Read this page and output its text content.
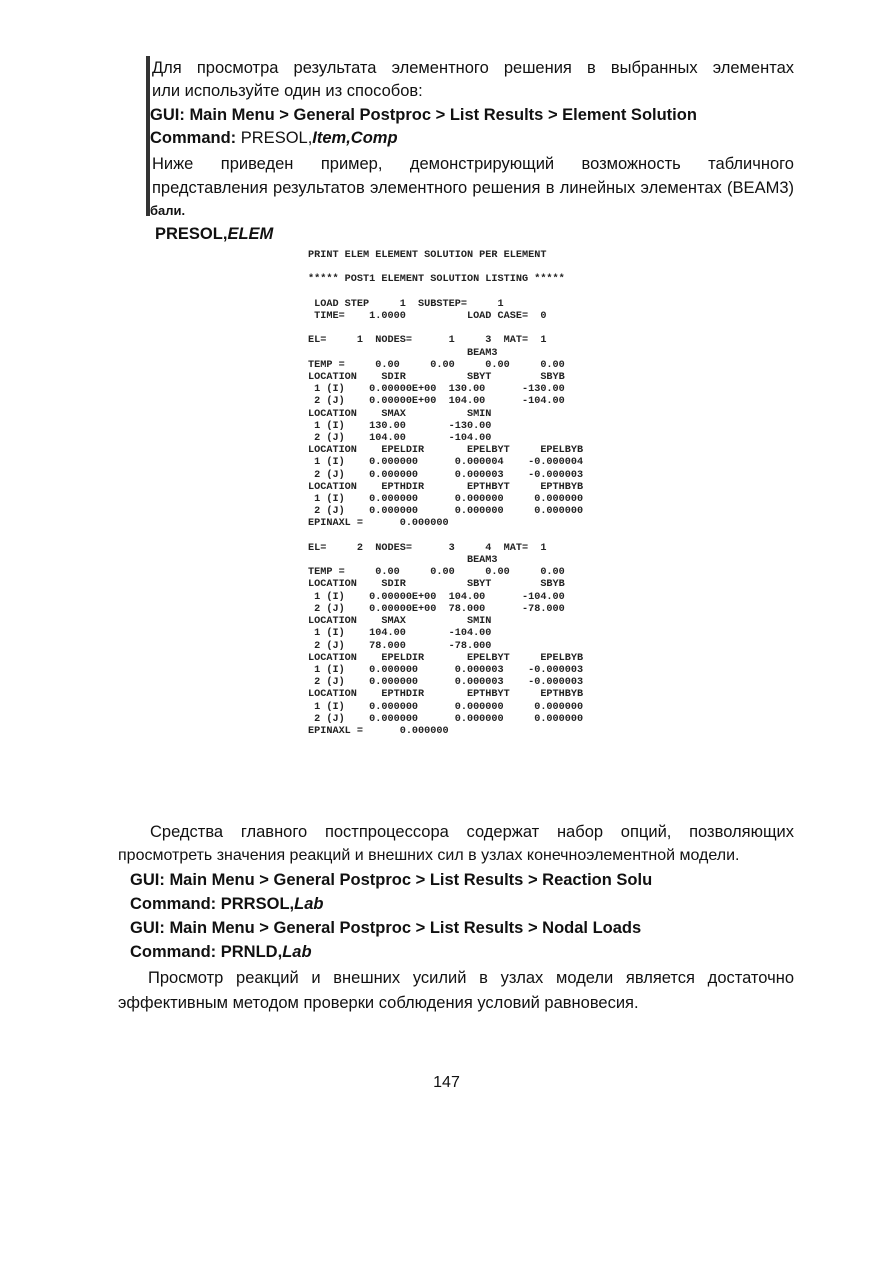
Для просмотра результата элементного решения в выбранных элементах
или используйте один из способов:
GUI: Main Menu > General Postproc > List Results > Element Solution
Command: PRESOL,Item,Comp
Ниже приведен пример, демонстрирующий возможность табличного
представления результатов элементного решения в линейных элементах (BEAM3)
бали.
PRESOL,ELEM
PRINT ELEM ELEMENT SOLUTION PER ELEMENT

***** POST1 ELEMENT SOLUTION LISTING *****

LOAD STEP     1  SUBSTEP=     1
TIME=    1.0000          LOAD CASE=  0

EL=     1  NODES=      1     3  MAT=  1
BEAM3
TEMP =     0.00     0.00     0.00     0.00
LOCATION    SDIR          SBYT        SBYB
1 (I)    0.00000E+00  130.00      -130.00
2 (J)    0.00000E+00  104.00      -104.00
LOCATION    SMAX          SMIN
1 (I)    130.00       -130.00
2 (J)    104.00       -104.00
LOCATION    EPELDIR       EPELBYT     EPELBYB
1 (I)    0.000000      0.000004    -0.000004
2 (J)    0.000000      0.000003    -0.000003
LOCATION    EPTHDIR       EPTHBYT     EPTHBYB
1 (I)    0.000000      0.000000     0.000000
2 (J)    0.000000      0.000000     0.000000
EPINAXL =      0.000000

EL=     2  NODES=      3     4  MAT=  1
BEAM3
TEMP =     0.00     0.00     0.00     0.00
LOCATION    SDIR          SBYT        SBYB
1 (I)    0.00000E+00  104.00      -104.00
2 (J)    0.00000E+00  78.000      -78.000
LOCATION    SMAX          SMIN
1 (I)    104.00       -104.00
2 (J)    78.000       -78.000
LOCATION    EPELDIR       EPELBYT     EPELBYB
1 (I)    0.000000      0.000003    -0.000003
2 (J)    0.000000      0.000003    -0.000003
LOCATION    EPTHDIR       EPTHBYT     EPTHBYB
1 (I)    0.000000      0.000000     0.000000
2 (J)    0.000000      0.000000     0.000000
EPINAXL =      0.000000
Средства главного постпроцессора содержат набор опций, позволяющих
просмотреть значения реакций и внешних сил в узлах конечноэлементной модели.
GUI: Main Menu > General Postproc > List Results > Reaction Solu
Command: PRRSOL,Lab
GUI: Main Menu > General Postproc > List Results > Nodal Loads
Command: PRNLD,Lab
Просмотр реакций и внешних усилий в узлах модели является достаточно
эффективным методом проверки соблюдения условий равновесия.
147
